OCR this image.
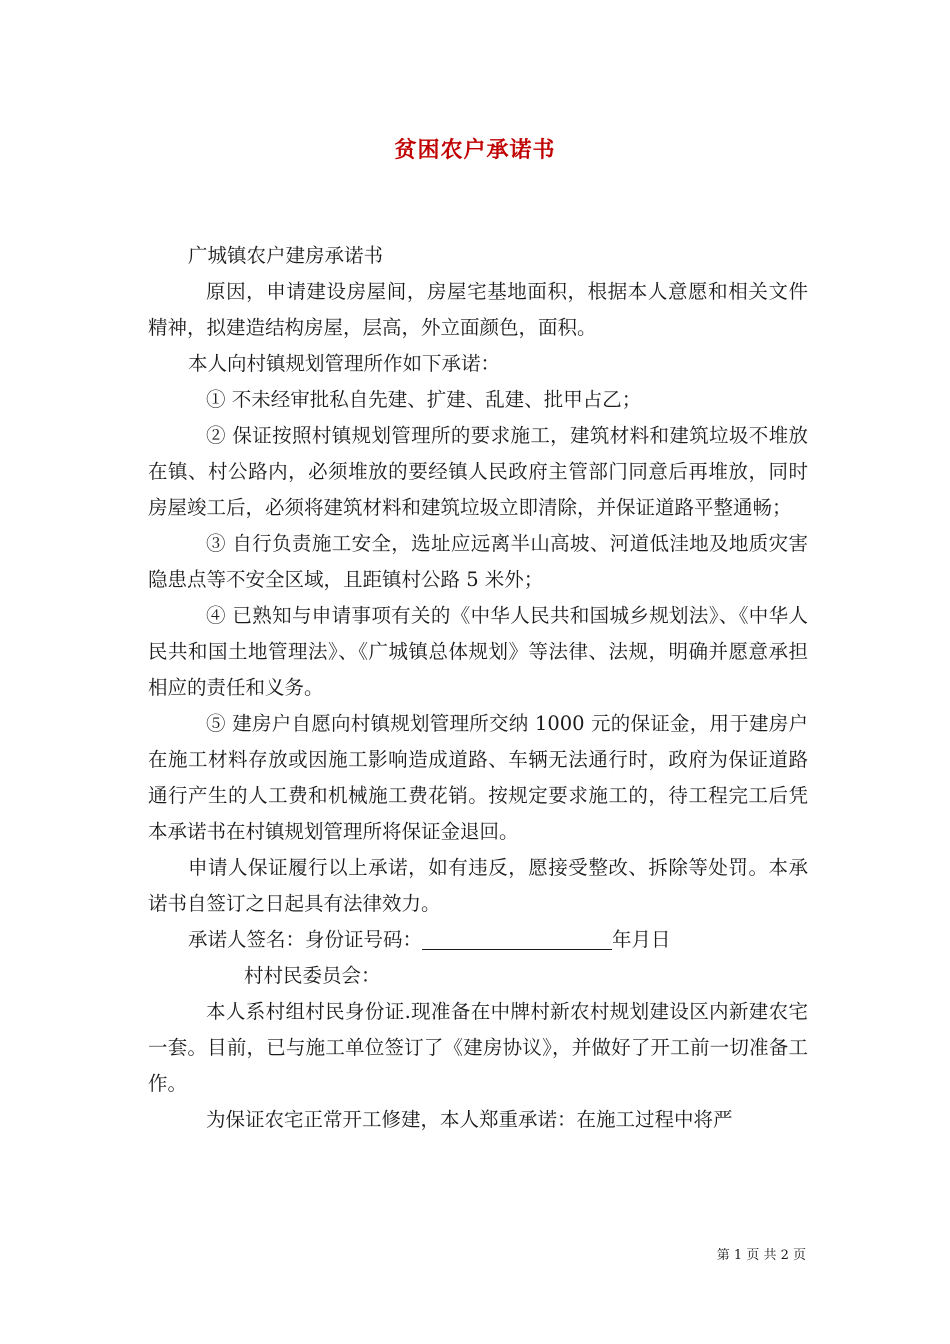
贫困农户承诺书

广城镇农户建房承诺书

原因，申请建设房屋间，房屋宅基地面积，根据本人意愿和相关文件精神，拟建造结构房屋，层高，外立面颜色，面积。

本人向村镇规划管理所作如下承诺：

① 不未经审批私自先建、扩建、乱建、批甲占乙；

② 保证按照村镇规划管理所的要求施工，建筑材料和建筑垃圾不堆放在镇、村公路内，必须堆放的要经镇人民政府主管部门同意后再堆放，同时房屋竣工后，必须将建筑材料和建筑垃圾立即清除，并保证道路平整通畅；

③ 自行负责施工安全，选址应远离半山高坡、河道低洼地及地质灾害隐患点等不安全区域，且距镇村公路 5 米外；

④ 已熟知与申请事项有关的《中华人民共和国城乡规划法》、《中华人民共和国土地管理法》、《广城镇总体规划》等法律、法规，明确并愿意承担相应的责任和义务。

⑤ 建房户自愿向村镇规划管理所交纳 1000 元的保证金，用于建房户在施工材料存放或因施工影响造成道路、车辆无法通行时，政府为保证道路通行产生的人工费和机械施工费花销。按规定要求施工的，待工程完工后凭本承诺书在村镇规划管理所将保证金退回。

申请人保证履行以上承诺，如有违反，愿接受整改、拆除等处罚。本承诺书自签订之日起具有法律效力。

承诺人签名：身份证号码：	年月日

村村民委员会：

本人系村组村民身份证.现准备在中牌村新农村规划建设区内新建农宅一套。目前，已与施工单位签订了《建房协议》，并做好了开工前一切准备工作。

为保证农宅正常开工修建，本人郑重承诺：在施工过程中将严

第 1 页 共 2 页
